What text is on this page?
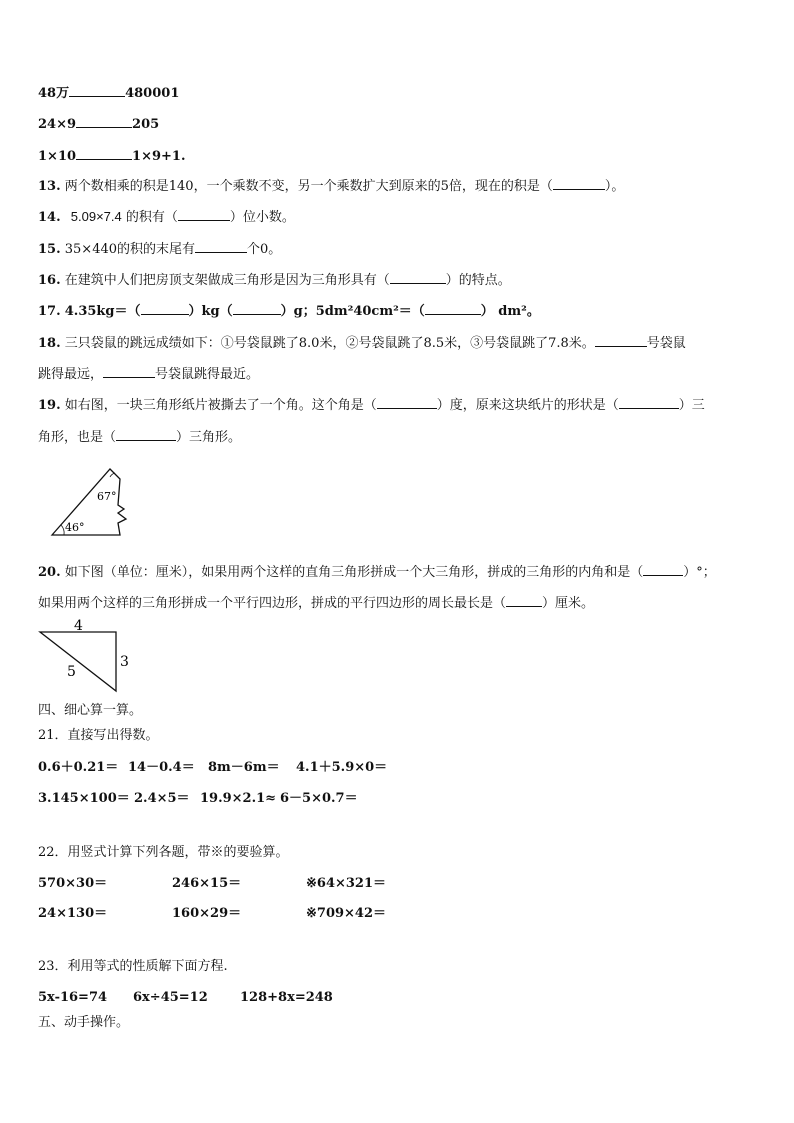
48万	480001
24×9	205
1×10	1×9+1.
13. 两个数相乘的积是140，一个乘数不变，另一个乘数扩大到原来的5倍，现在的积是（	）。
14. 5.09×7.4 的积有（	）位小数。
15. 35×440的积的末尾有	个0。
16. 在建筑中人们把房顶支架做成三角形是因为三角形具有（	）的特点。
17. 4.35kg＝（	）kg（	）g；5dm²40cm²＝（	） dm²。
18. 三只袋鼠的跳远成绩如下：①号袋鼠跳了8.0米，②号袋鼠跳了8.5米，③号袋鼠跳了7.8米。	号袋鼠
跳得最远，	号袋鼠跳得最近。
19. 如右图，一块三角形纸片被撕去了一个角。这个角是（	）度，原来这块纸片的形状是（	）三
角形，也是（	）三角形。
67°
46°
20. 如下图（单位：厘米），如果用两个这样的直角三角形拼成一个大三角形，拼成的三角形的内角和是（	）°；
如果用两个这样的三角形拼成一个平行四边形，拼成的平行四边形的周长最长是（	）厘米。
4
3
5
四、细心算一算。
21．直接写出得数。
0.6＋0.21＝ 14－0.4＝ 8m－6m＝ 4.1＋5.9×0＝
3.145×100＝ 2.4×5＝ 19.9×2.1≈ 6－5×0.7＝
22．用竖式计算下列各题，带※的要验算。
570×30＝	246×15＝	※64×321＝
24×130＝	160×29＝	※709×42＝
23．利用等式的性质解下面方程.
5x-16=74 6x÷45=12 128+8x=248
五、动手操作。
